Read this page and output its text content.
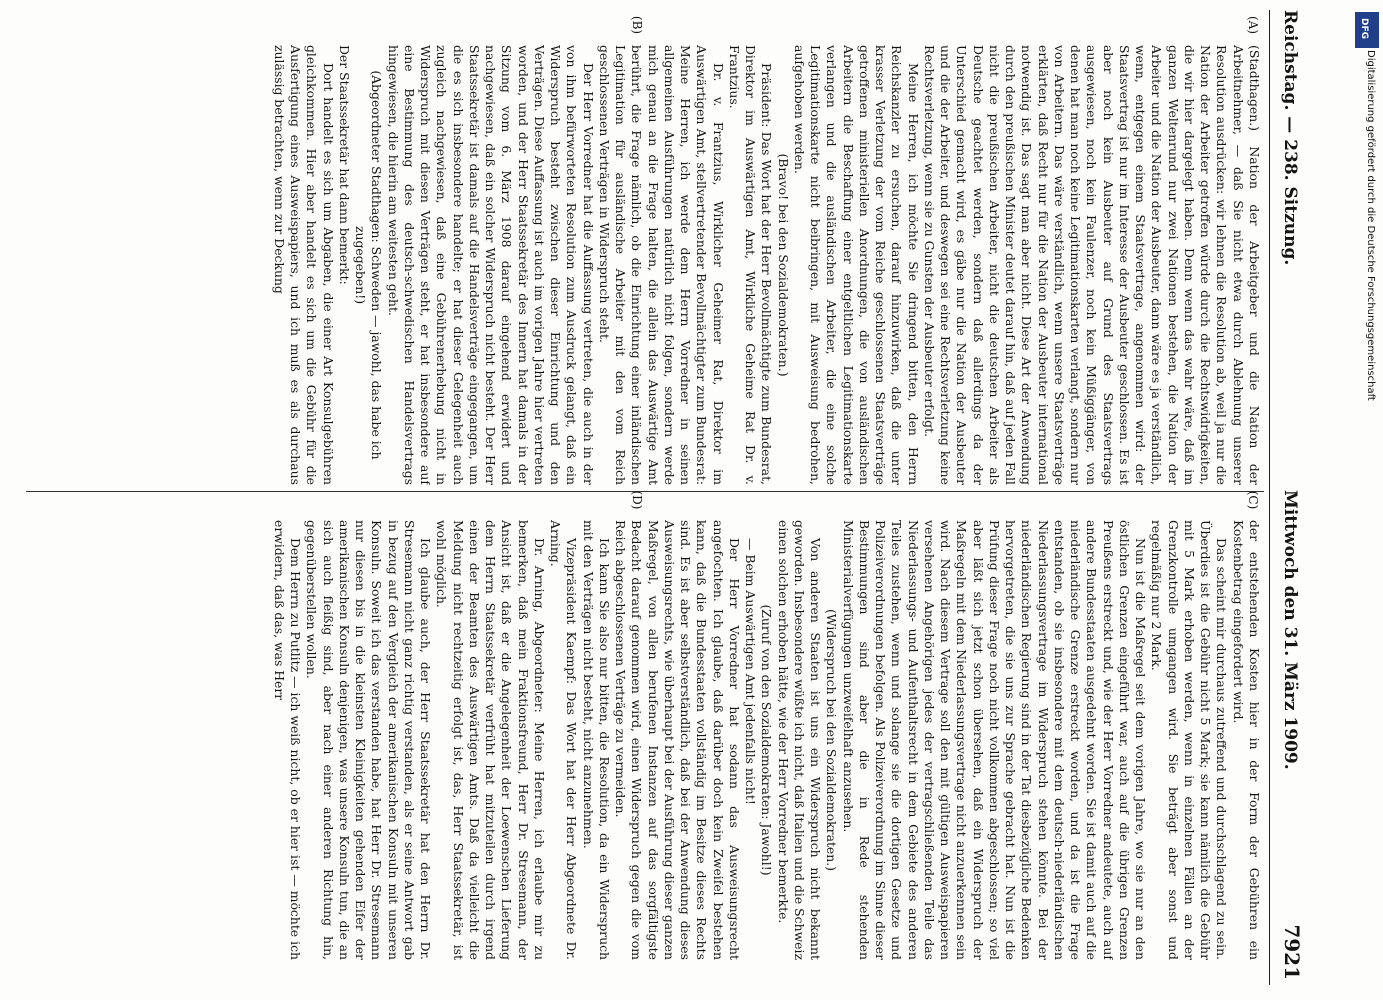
Reichstag. — 238. Sitzung.
Mittwoch den 31. März 1909.
7921
(A)
(B)
(C)
(D)

(Stadthagen.) Nation der Arbeitgeber und die Nation der Arbeitnehmer, — daß Sie nicht etwa durch Ablehnung unserer Resolution ausdrücken: wir lehnen die Resolution ab, weil ja nur die Nation der Arbeiter getroffen würde durch die Rechtswidrigkeiten, die wir hier dargelegt haben. Denn wenn das wahr wäre, daß im ganzen Weltenrund nur zwei Nationen bestehen, die Nation der Arbeiter und die Nation der Ausbeuter, dann wäre es ja verständlich, wenn, entgegen einem Staatsvertrage, angenommen wird: der Staatsvertrag ist nur im Interesse der Ausbeuter geschlossen. Es ist aber noch kein Ausbeuter auf Grund des Staatsvertrags ausgewiesen, noch kein Faulenzer, noch kein Müßiggänger, von denen hat man noch keine Legitimationskarten verlangt, sondern nur von Arbeitern. Das wäre verständlich, wenn unsere Staatsverträge erklärten, daß Recht nur für die Nation der Ausbeuter international notwendig ist. Das sagt man aber nicht. Diese Art der Anwendung durch den preußischen Minister deutet darauf hin, daß auf jeden Fall nicht die preußischen Arbeiter, nicht die deutschen Arbeiter als Deutsche geachtet werden, sondern daß allerdings da der Unterschied gemacht wird, es gäbe nur die Nation der Ausbeuter und die der Arbeiter, und deswegen sei eine Rechtsverletzung keine Rechtsverletzung, wenn sie zu Gunsten der Ausbeuter erfolgt.

Meine Herren, ich möchte Sie dringend bitten, den Herrn Reichskanzler zu ersuchen, darauf hinzuwirken, daß die unter krasser Verletzung der vom Reiche geschlossenen Staatsverträge getroffenen ministeriellen Anordnungen, die von ausländischen Arbeitern die Beschaffung einer entgeltlichen Legitimationskarte verlangen und die ausländischen Arbeiter, die eine solche Legitimationskarte nicht beibringen, mit Ausweisung bedrohen, aufgehoben werden.

(Bravo! bei den Sozialdemokraten.)

Präsident: Das Wort hat der Herr Bevollmächtigte zum Bundesrat, Direktor im Auswärtigen Amt, Wirkliche Geheime Rat Dr. v. Frantzius.

Dr. v. Frantzius, Wirklicher Geheimer Rat, Direktor im Auswärtigen Amt, stellvertretender Bevollmächtigter zum Bundesrat: Meine Herren, ich werde dem Herrn Vorredner in seinen allgemeinen Ausführungen natürlich nicht folgen, sondern werde mich genau an die Frage halten, die allein das Auswärtige Amt berührt, die Frage nämlich, ob die Einrichtung einer inländischen Legitimation für ausländische Arbeiter mit den vom Reich geschlossenen Verträgen in Widerspruch steht.

Der Herr Vorredner hat die Auffassung vertreten, die auch in der von ihm befürworteten Resolution zum Ausdruck gelangt, daß ein Widerspruch besteht zwischen dieser Einrichtung und den Verträgen. Diese Auffassung ist auch im vorigen Jahre hier vertreten worden, und der Herr Staatssekretär des Innern hat damals in der Sitzung vom 6. März 1908 darauf eingehend erwidert und nachgewiesen, daß ein solcher Widerspruch nicht besteht. Der Herr Staatssekretär ist damals auf die Handelsverträge eingegangen, um die es sich insbesondere handelte; er hat dieser Gelegenheit auch zugleich nachgewiesen, daß eine Gebührenerhebung nicht in Widerspruch mit diesen Verträgen steht, er hat insbesondere auf eine Bestimmung des deutsch-schwedischen Handelsvertrags hingewiesen, die hierin am weitesten geht.

(Abgeordneter Stadthagen: Schweden — jawohl, das habe ich zugegeben!)

Der Staatssekretär hat dann bemerkt:

Dort handelt es sich um Abgaben, die einer Art Konsulgebühren gleichkommen. Hier aber handelt es sich um die Gebühr für die Ausfertigung eines Ausweispapiers, und ich muß es als durchaus zulässig betrachten, wenn zur Deckung

der entstehenden Kosten hier in der Form der Gebühren ein Kostenbetrag eingefordert wird.

Das scheint mir durchaus zutreffend und durchschlagend zu sein. Überdies ist die Gebühr nicht 5 Mark; sie kann nämlich die Gebühr mit 5 Mark erhoben werden, wenn in einzelnen Fällen an der Grenzkontrolle umgangen wird. Sie beträgt aber sonst und regelmäßig nur 2 Mark.

Nun ist die Maßregel seit dem vorigen Jahre, wo sie nur an den östlichen Grenzen eingeführt war, auch auf die übrigen Grenzen Preußens erstreckt und, wie der Herr Vorredner andeutete, auch auf andere Bundesstaaten ausgedehnt worden. Sie ist damit auch auf die niederländische Grenze erstreckt worden, und da ist die Frage entstanden, ob sie insbesondere mit dem deutsch-niederländischen Niederlassungsvertrage im Widerspruch stehen könnte. Bei der niederländischen Regierung sind in der Tat diesbezügliche Bedenken hervorgetreten, die sie uns zur Sprache gebracht hat. Nun ist die Prüfung dieser Frage noch nicht vollkommen abgeschlossen; so viel aber läßt sich jetzt schon übersehen, daß ein Widerspruch der Maßregeln mit dem Niederlassungsvertrage nicht anzuerkennen sein wird. Nach diesem Vertrage soll den mit gültigen Ausweispapieren versehenen Angehörigen jedes der vertragschließenden Teile das Niederlassungs- und Aufenthaltsrecht in dem Gebiete des anderen Teiles zustehen, wenn und solange sie die dortigen Gesetze und Polizeiverordnungen befolgen. Als Polizeiverordnung im Sinne dieser Bestimmungen sind aber die in Rede stehenden Ministerialverfügungen unzweifelhaft anzusehen.

(Widerspruch bei den Sozialdemokraten.)

Von anderen Staaten ist uns ein Widerspruch nicht bekannt geworden. Insbesondere wüßte ich nicht, daß Italien und die Schweiz einen solchen erhoben hätte, wie der Herr Vorredner bemerkte.

(Zuruf von den Sozialdemokraten: Jawohl!)

— Beim Auswärtigen Amt jedenfalls nicht!

Der Herr Vorredner hat sodann das Ausweisungsrecht angefochten. Ich glaube, daß darüber doch kein Zweifel bestehen kann, daß die Bundesstaaten vollständig im Besitze dieses Rechts sind. Es ist aber selbstverständlich, daß bei der Anwendung dieses Ausweisungsrechts, wie überhaupt bei der Ausführung dieser ganzen Maßregel, von allen berufenen Instanzen auf das sorgfältigste Bedacht darauf genommen wird, einen Widerspruch gegen die vom Reich abgeschlossenen Verträge zu vermeiden.

Ich kann Sie also nur bitten, die Resolution, da ein Widerspruch mit den Verträgen nicht besteht, nicht anzunehmen.

Vizepräsident Kaempf: Das Wort hat der Herr Abgeordnete Dr. Arning.

Dr. Arning, Abgeordneter: Meine Herren, ich erlaube mir zu bemerken, daß mein Fraktionsfreund, Herr Dr. Stresemann, der Ansicht ist, daß er die Angelegenheit der Loewenschen Lieferung dem Herrn Staatssekretär verfrüht hat mitzuteilen durch irgend einen der Beamten des Auswärtigen Amts. Daß da vielleicht die Meldung nicht rechtzeitig erfolgt ist, das, Herr Staatssekretär, ist wohl möglich.

Ich glaube auch, der Herr Staatssekretär hat den Herrn Dr. Stresemann nicht ganz richtig verstanden, als er seine Antwort gab in bezug auf den Vergleich der amerikanischen Konsuln mit unseren Konsuln. Soweit ich das verstanden habe, hat Herr Dr. Stresemann nur diesen bis in die kleinsten Kleinigkeiten gehenden Eifer der amerikanischen Konsuln denjenigen, was unsere Konsuln tun, die an sich auch fleißig sind, aber nach einer anderen Richtung hin, gegenüberstellen wollen.

Dem Herrn zu Putlitz — ich weiß nicht, ob er hier ist — möchte ich erwidern, daß das, was Herr

DFG
Digitalisierung gefördert durch die Deutsche Forschungsgemeinschaft
